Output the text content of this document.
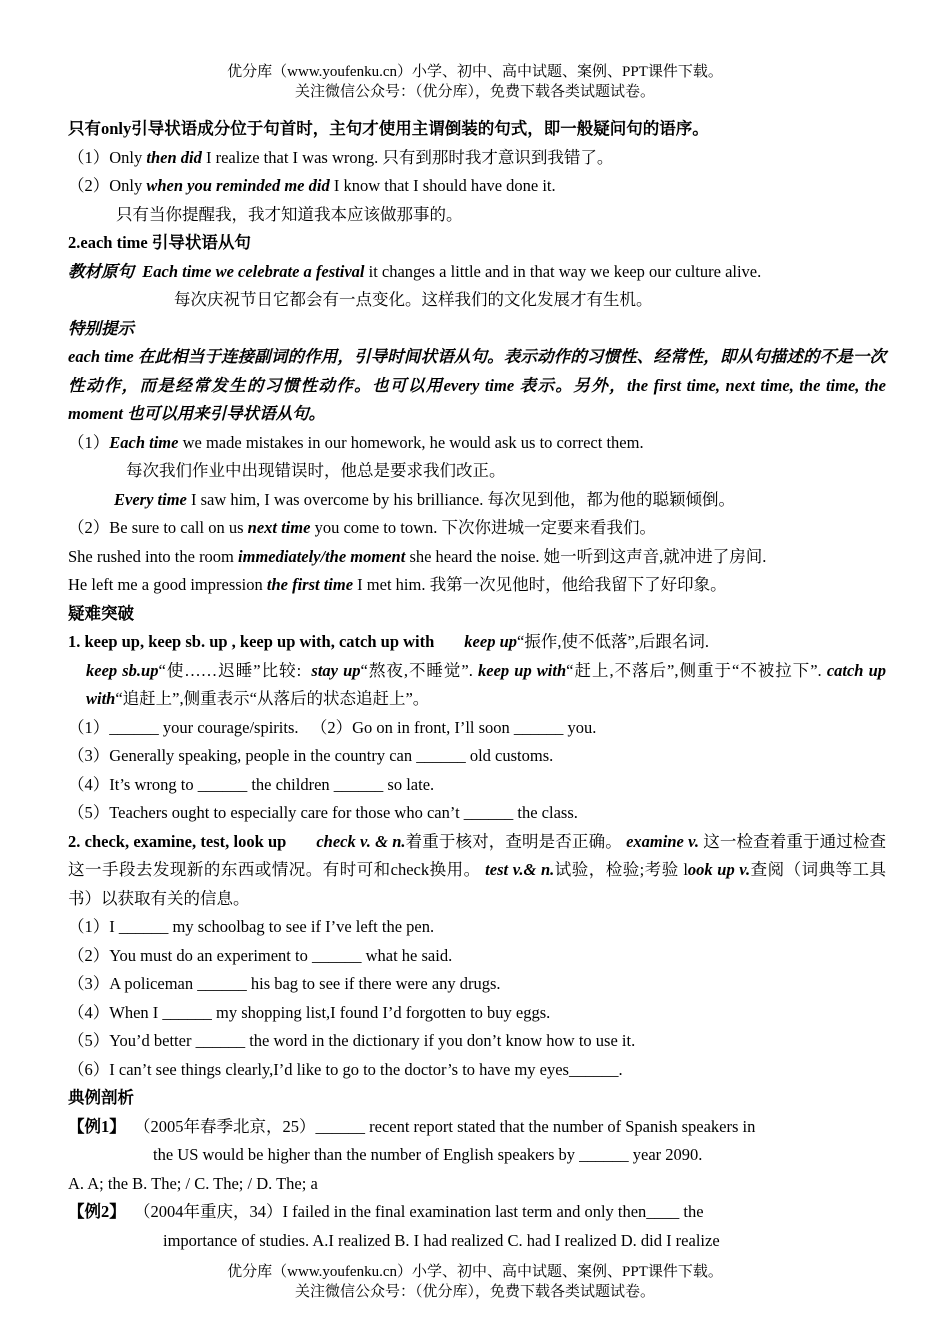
优分库（www.youfenku.cn）小学、初中、高中试题、案例、PPT课件下载。
关注微信公众号：（优分库），免费下载各类试题试卷。
只有only引导状语成分位于句首时，主句才使用主谓倒装的句式，即一般疑问句的语序。
（1）Only then did I realize that I was wrong. 只有到那时我才意识到我错了。
（2）Only when you reminded me did I know that I should have done it.
只有当你提醒我，我才知道我本应该做那事的。
2.each time 引导状语从句
教材原句 Each time we celebrate a festival it changes a little and in that way we keep our culture alive.
每次庆祝节日它都会有一点变化。这样我们的文化发展才有生机。
特别提示
each time 在此相当于连接副词的作用，引导时间状语从句。表示动作的习惯性、经常性，即从句描述的不是一次性动作，而是经常发生的习惯性动作。也可以用every time 表示。另外，the first time, next time, the time, the moment 也可以用来引导状语从句。
（1）Each time we made mistakes in our homework, he would ask us to correct them.
每次我们作业中出现错误时，他总是要求我们改正。
Every time I saw him, I was overcome by his brilliance. 每次见到他，都为他的聪颖倾倒。
（2）Be sure to call on us next time you come to town. 下次你进城一定要来看我们。
She rushed into the room immediately/the moment she heard the noise. 她一听到这声音,就冲进了房间.
He left me a good impression the first time I met him. 我第一次见他时，他给我留下了好印象。
疑难突破
1. keep up, keep sb. up , keep up with, catch up with keep up“振作,使不低落”,后跟名词.
keep sb.up“使……迟睡”比较: stay up“熬夜,不睡觉”. keep up with“赶上,不落后”,侧重于“不被拉下”. catch up with“追赶上”,侧重表示“从落后的状态追赶上”。
（1）______ your courage/spirits. （2）Go on in front, I’ll soon ______ you.
（3）Generally speaking, people in the country can ______ old customs.
（4）It’s wrong to ______ the children ______ so late.
（5）Teachers ought to especially care for those who can’t ______ the class.
2. check, examine, test, look up check v. & n.着重于核对，查明是否正确。 examine v. 这一检查着重于通过检查这一手段去发现新的东西或情况。有时可和check换用。 test v.& n.试验，检验;考验 look up v.查阅（词典等工具书）以获取有关的信息。
（1）I ______ my schoolbag to see if I’ve left the pen.
（2）You must do an experiment to ______ what he said.
（3）A policeman ______ his bag to see if there were any drugs.
（4）When I ______ my shopping list,I found I’d forgotten to buy eggs.
（5）You’d better ______ the word in the dictionary if you don’t know how to use it.
（6）I can’t see things clearly,I’d like to go to the doctor’s to have my eyes______.
典例剖析
【例1】 （2005年春季北京，25）______ recent report stated that the number of Spanish speakers in
the US would be higher than the number of English speakers by ______ year 2090.
A. A; the B. The; / C. The; / D. The; a
【例2】 （2004年重庆，34）I failed in the final examination last term and only then____ the
importance of studies. A.I realized B. I had realized C. had I realized D. did I realize
优分库（www.youfenku.cn）小学、初中、高中试题、案例、PPT课件下载。
关注微信公众号：（优分库），免费下载各类试题试卷。
